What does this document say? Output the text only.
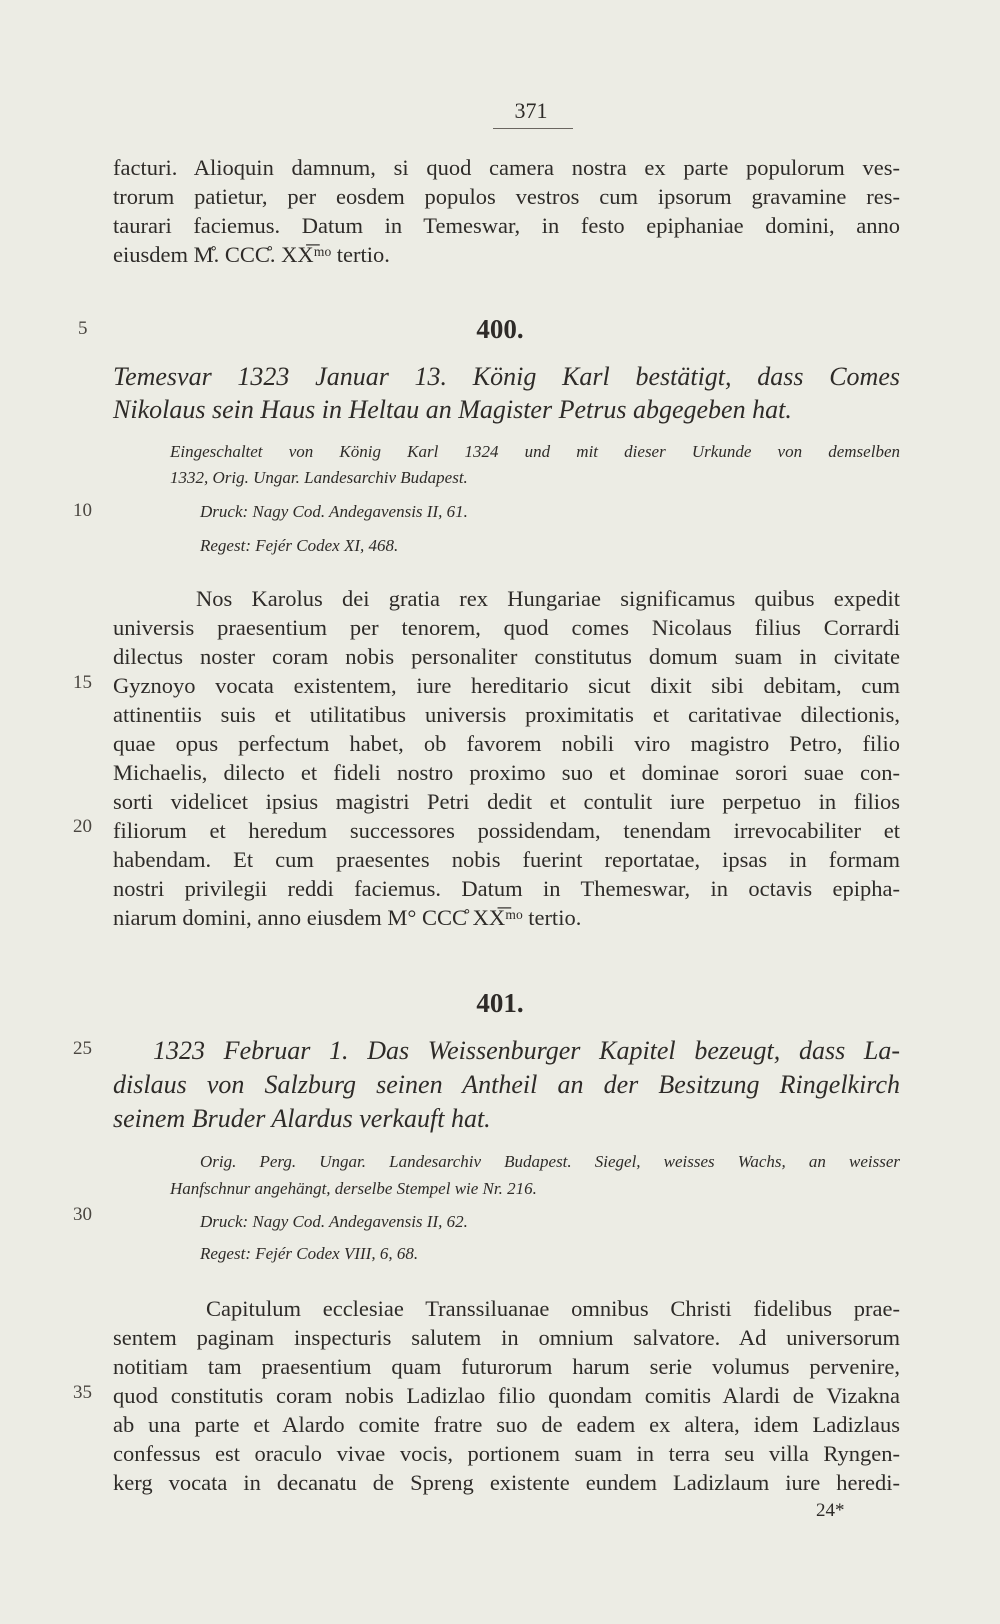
371
5
10
15
20
25
30
35
facturi. Alioquin damnum, si quod camera nostra ex parte populorum ves-
trorum patietur, per eosdem populos vestros cum ipsorum gravamine res-
taurari faciemus. Datum in Temeswar, in festo epiphaniae domini, anno
eiusdem M̊. CCC̊. XX͞ᵐᵒ tertio.
400.
Temesvar 1323 Januar 13. König Karl bestätigt, dass Comes
Nikolaus sein Haus in Heltau an Magister Petrus abgegeben hat.
Eingeschaltet von König Karl 1324 und mit dieser Urkunde von demselben
1332, Orig. Ungar. Landesarchiv Budapest.
Druck: Nagy Cod. Andegavensis II, 61.
Regest: Fejér Codex XI, 468.
Nos Karolus dei gratia rex Hungariae significamus quibus expedit
universis praesentium per tenorem, quod comes Nicolaus filius Corrardi
dilectus noster coram nobis personaliter constitutus domum suam in civitate
Gyznoyo vocata existentem, iure hereditario sicut dixit sibi debitam, cum
attinentiis suis et utilitatibus universis proximitatis et caritativae dilectionis,
quae opus perfectum habet, ob favorem nobili viro magistro Petro, filio
Michaelis, dilecto et fideli nostro proximo suo et dominae sorori suae con-
sorti videlicet ipsius magistri Petri dedit et contulit iure perpetuo in filios
filiorum et heredum successores possidendam, tenendam irrevocabiliter et
habendam. Et cum praesentes nobis fuerint reportatae, ipsas in formam
nostri privilegii reddi faciemus. Datum in Themeswar, in octavis epipha-
niarum domini, anno eiusdem M° CCC̊ XX͞ᵐᵒ tertio.
401.
1323 Februar 1. Das Weissenburger Kapitel bezeugt, dass La-
dislaus von Salzburg seinen Antheil an der Besitzung Ringelkirch
seinem Bruder Alardus verkauft hat.
Orig. Perg. Ungar. Landesarchiv Budapest. Siegel, weisses Wachs, an weisser
Hanfschnur angehängt, derselbe Stempel wie Nr. 216.
Druck: Nagy Cod. Andegavensis II, 62.
Regest: Fejér Codex VIII, 6, 68.
Capitulum ecclesiae Transsiluanae omnibus Christi fidelibus prae-
sentem paginam inspecturis salutem in omnium salvatore. Ad universorum
notitiam tam praesentium quam futurorum harum serie volumus pervenire,
quod constitutis coram nobis Ladizlao filio quondam comitis Alardi de Vizakna
ab una parte et Alardo comite fratre suo de eadem ex altera, idem Ladizlaus
confessus est oraculo vivae vocis, portionem suam in terra seu villa Ryngen-
kerg vocata in decanatu de Spreng existente eundem Ladizlaum iure heredi-
24*
